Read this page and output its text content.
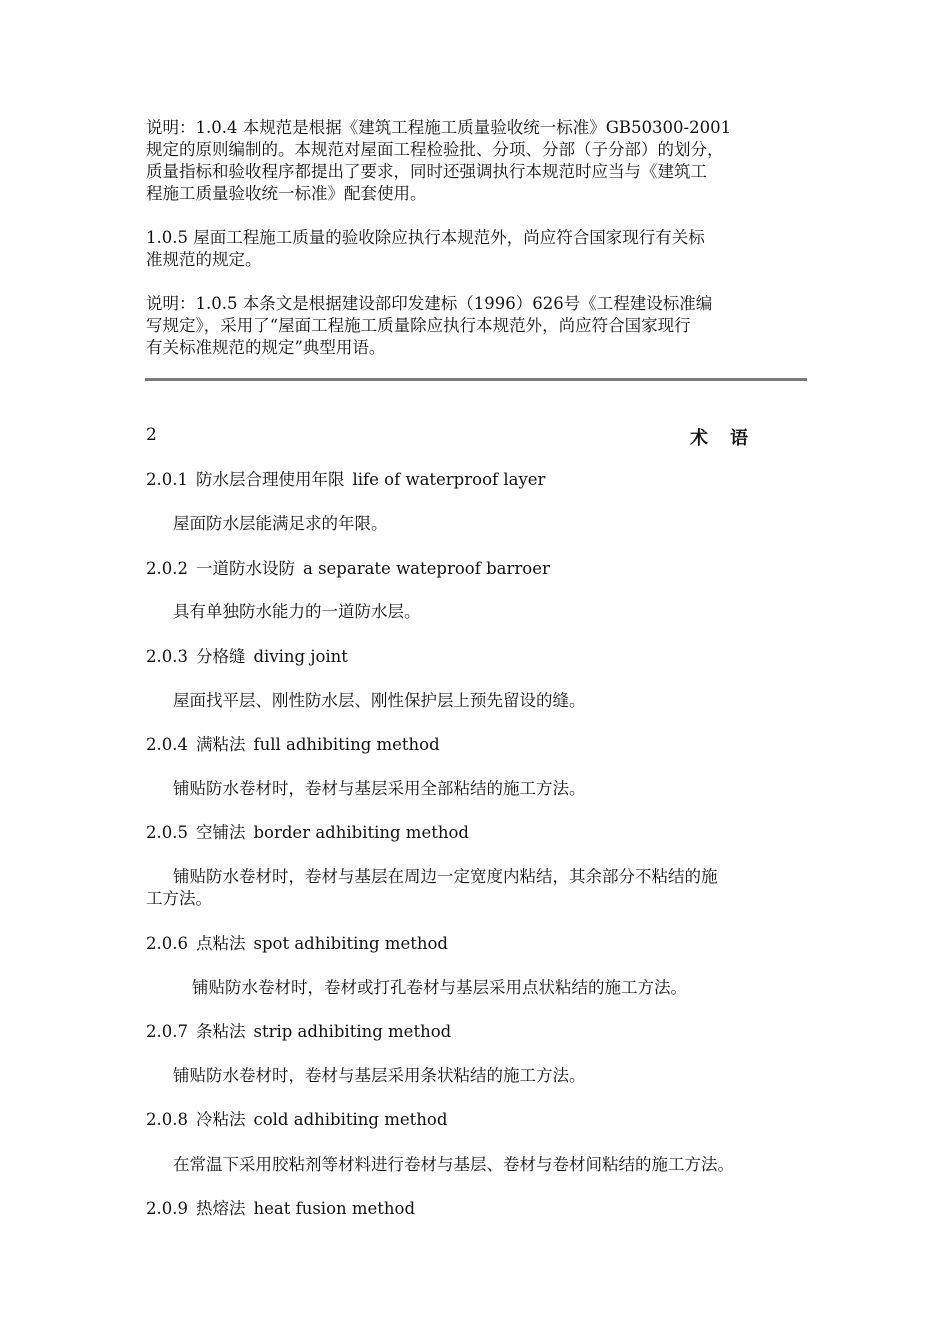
说明：1.0.4 本规范是根据《建筑工程施工质量验收统一标准》GB50300-2001
规定的原则编制的。本规范对屋面工程检验批、分项、分部（子分部）的划分，
质量指标和验收程序都提出了要求，同时还强调执行本规范时应当与《建筑工
程施工质量验收统一标准》配套使用。

1.0.5 屋面工程施工质量的验收除应执行本规范外，尚应符合国家现行有关标
准规范的规定。

说明：1.0.5 本条文是根据建设部印发建标（1996）626号《工程建设标准编
写规定》，采用了“屋面工程施工质量除应执行本规范外，尚应符合国家现行
有关标准规范的规定”典型用语。

2	术语

2.0.1 防水层合理使用年限 life of waterproof layer

屋面防水层能满足求的年限。

2.0.2 一道防水设防 a separate wateproof barroer

具有单独防水能力的一道防水层。

2.0.3 分格缝 diving joint

屋面找平层、刚性防水层、刚性保护层上预先留设的缝。

2.0.4 满粘法 full adhibiting method

铺贴防水卷材时，卷材与基层采用全部粘结的施工方法。

2.0.5 空铺法 border adhibiting method

铺贴防水卷材时，卷材与基层在周边一定宽度内粘结，其余部分不粘结的施
工方法。

2.0.6 点粘法 spot adhibiting method

铺贴防水卷材时，卷材或打孔卷材与基层采用点状粘结的施工方法。

2.0.7 条粘法 strip adhibiting method

铺贴防水卷材时，卷材与基层采用条状粘结的施工方法。

2.0.8 冷粘法 cold adhibiting method

在常温下采用胶粘剂等材料进行卷材与基层、卷材与卷材间粘结的施工方法。

2.0.9 热熔法 heat fusion method
